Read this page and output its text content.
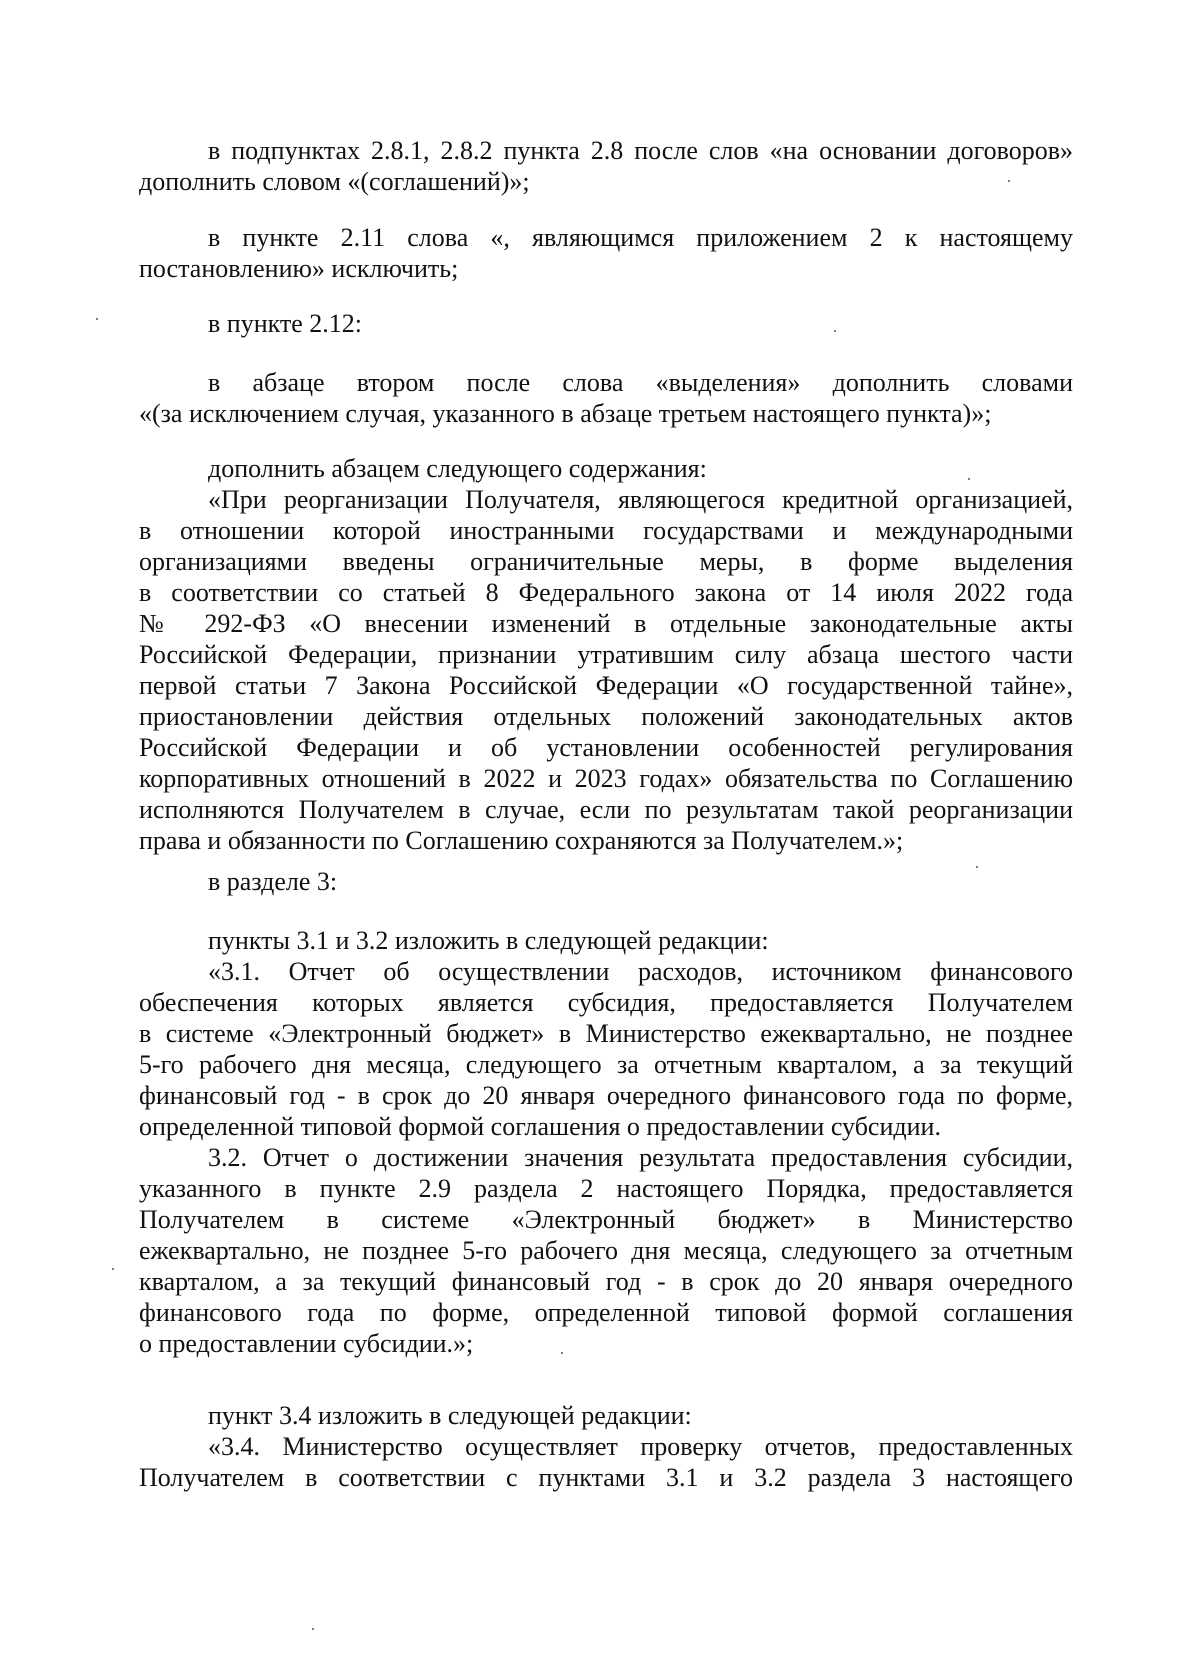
в подпунктах 2.8.1, 2.8.2 пункта 2.8 после слов «на основании договоров»
дополнить словом «(соглашений)»;
в пункте 2.11 слова «, являющимся приложением 2 к настоящему
постановлению» исключить;
в пункте 2.12:
в абзаце втором после слова «выделения» дополнить словами
«(за исключением случая, указанного в абзаце третьем настоящего пункта)»;
дополнить абзацем следующего содержания:
«При реорганизации Получателя, являющегося кредитной организацией,
в отношении которой иностранными государствами и международными
организациями введены ограничительные меры, в форме выделения
в соответствии со статьей 8 Федерального закона от 14 июля 2022 года
№ 292-ФЗ «О внесении изменений в отдельные законодательные акты
Российской Федерации, признании утратившим силу абзаца шестого части
первой статьи 7 Закона Российской Федерации «О государственной тайне»,
приостановлении действия отдельных положений законодательных актов
Российской Федерации и об установлении особенностей регулирования
корпоративных отношений в 2022 и 2023 годах» обязательства по Соглашению
исполняются Получателем в случае, если по результатам такой реорганизации
права и обязанности по Соглашению сохраняются за Получателем.»;
в разделе 3:
пункты 3.1 и 3.2 изложить в следующей редакции:
«3.1. Отчет об осуществлении расходов, источником финансового
обеспечения которых является субсидия, предоставляется Получателем
в системе «Электронный бюджет» в Министерство ежеквартально, не позднее
5-го рабочего дня месяца, следующего за отчетным кварталом, а за текущий
финансовый год - в срок до 20 января очередного финансового года по форме,
определенной типовой формой соглашения о предоставлении субсидии.
3.2. Отчет о достижении значения результата предоставления субсидии,
указанного в пункте 2.9 раздела 2 настоящего Порядка, предоставляется
Получателем в системе «Электронный бюджет» в Министерство
ежеквартально, не позднее 5-го рабочего дня месяца, следующего за отчетным
кварталом, а за текущий финансовый год - в срок до 20 января очередного
финансового года по форме, определенной типовой формой соглашения
о предоставлении субсидии.»;
пункт 3.4 изложить в следующей редакции:
«3.4. Министерство осуществляет проверку отчетов, предоставленных
Получателем в соответствии с пунктами 3.1 и 3.2 раздела 3 настоящего
